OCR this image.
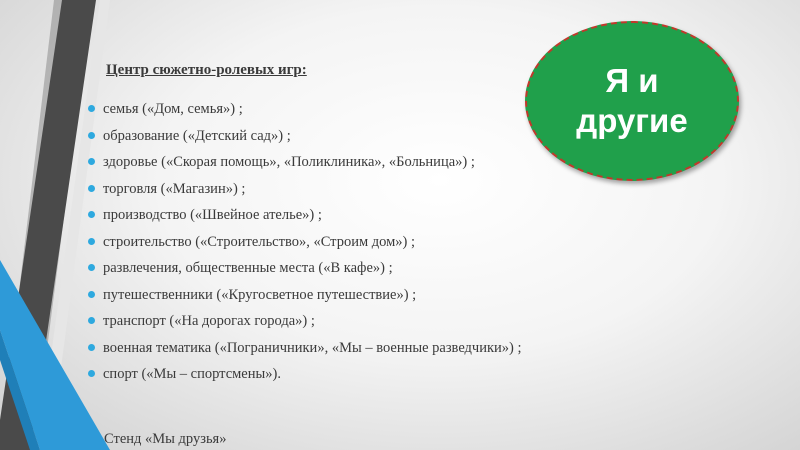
Центр сюжетно-ролевых игр:
семья («Дом, семья») ;
образование («Детский сад») ;
здоровье («Скорая помощь», «Поликлиника», «Больница») ;
торговля («Магазин») ;
производство («Швейное ателье») ;
строительство («Строительство», «Строим дом») ;
развлечения, общественные места («В кафе») ;
путешественники («Кругосветное путешествие») ;
транспорт («На дорогах города») ;
военная тематика («Пограничники», «Мы – военные разведчики») ;
спорт («Мы – спортсмены»).
Стенд «Мы друзья»
Я и
другие
